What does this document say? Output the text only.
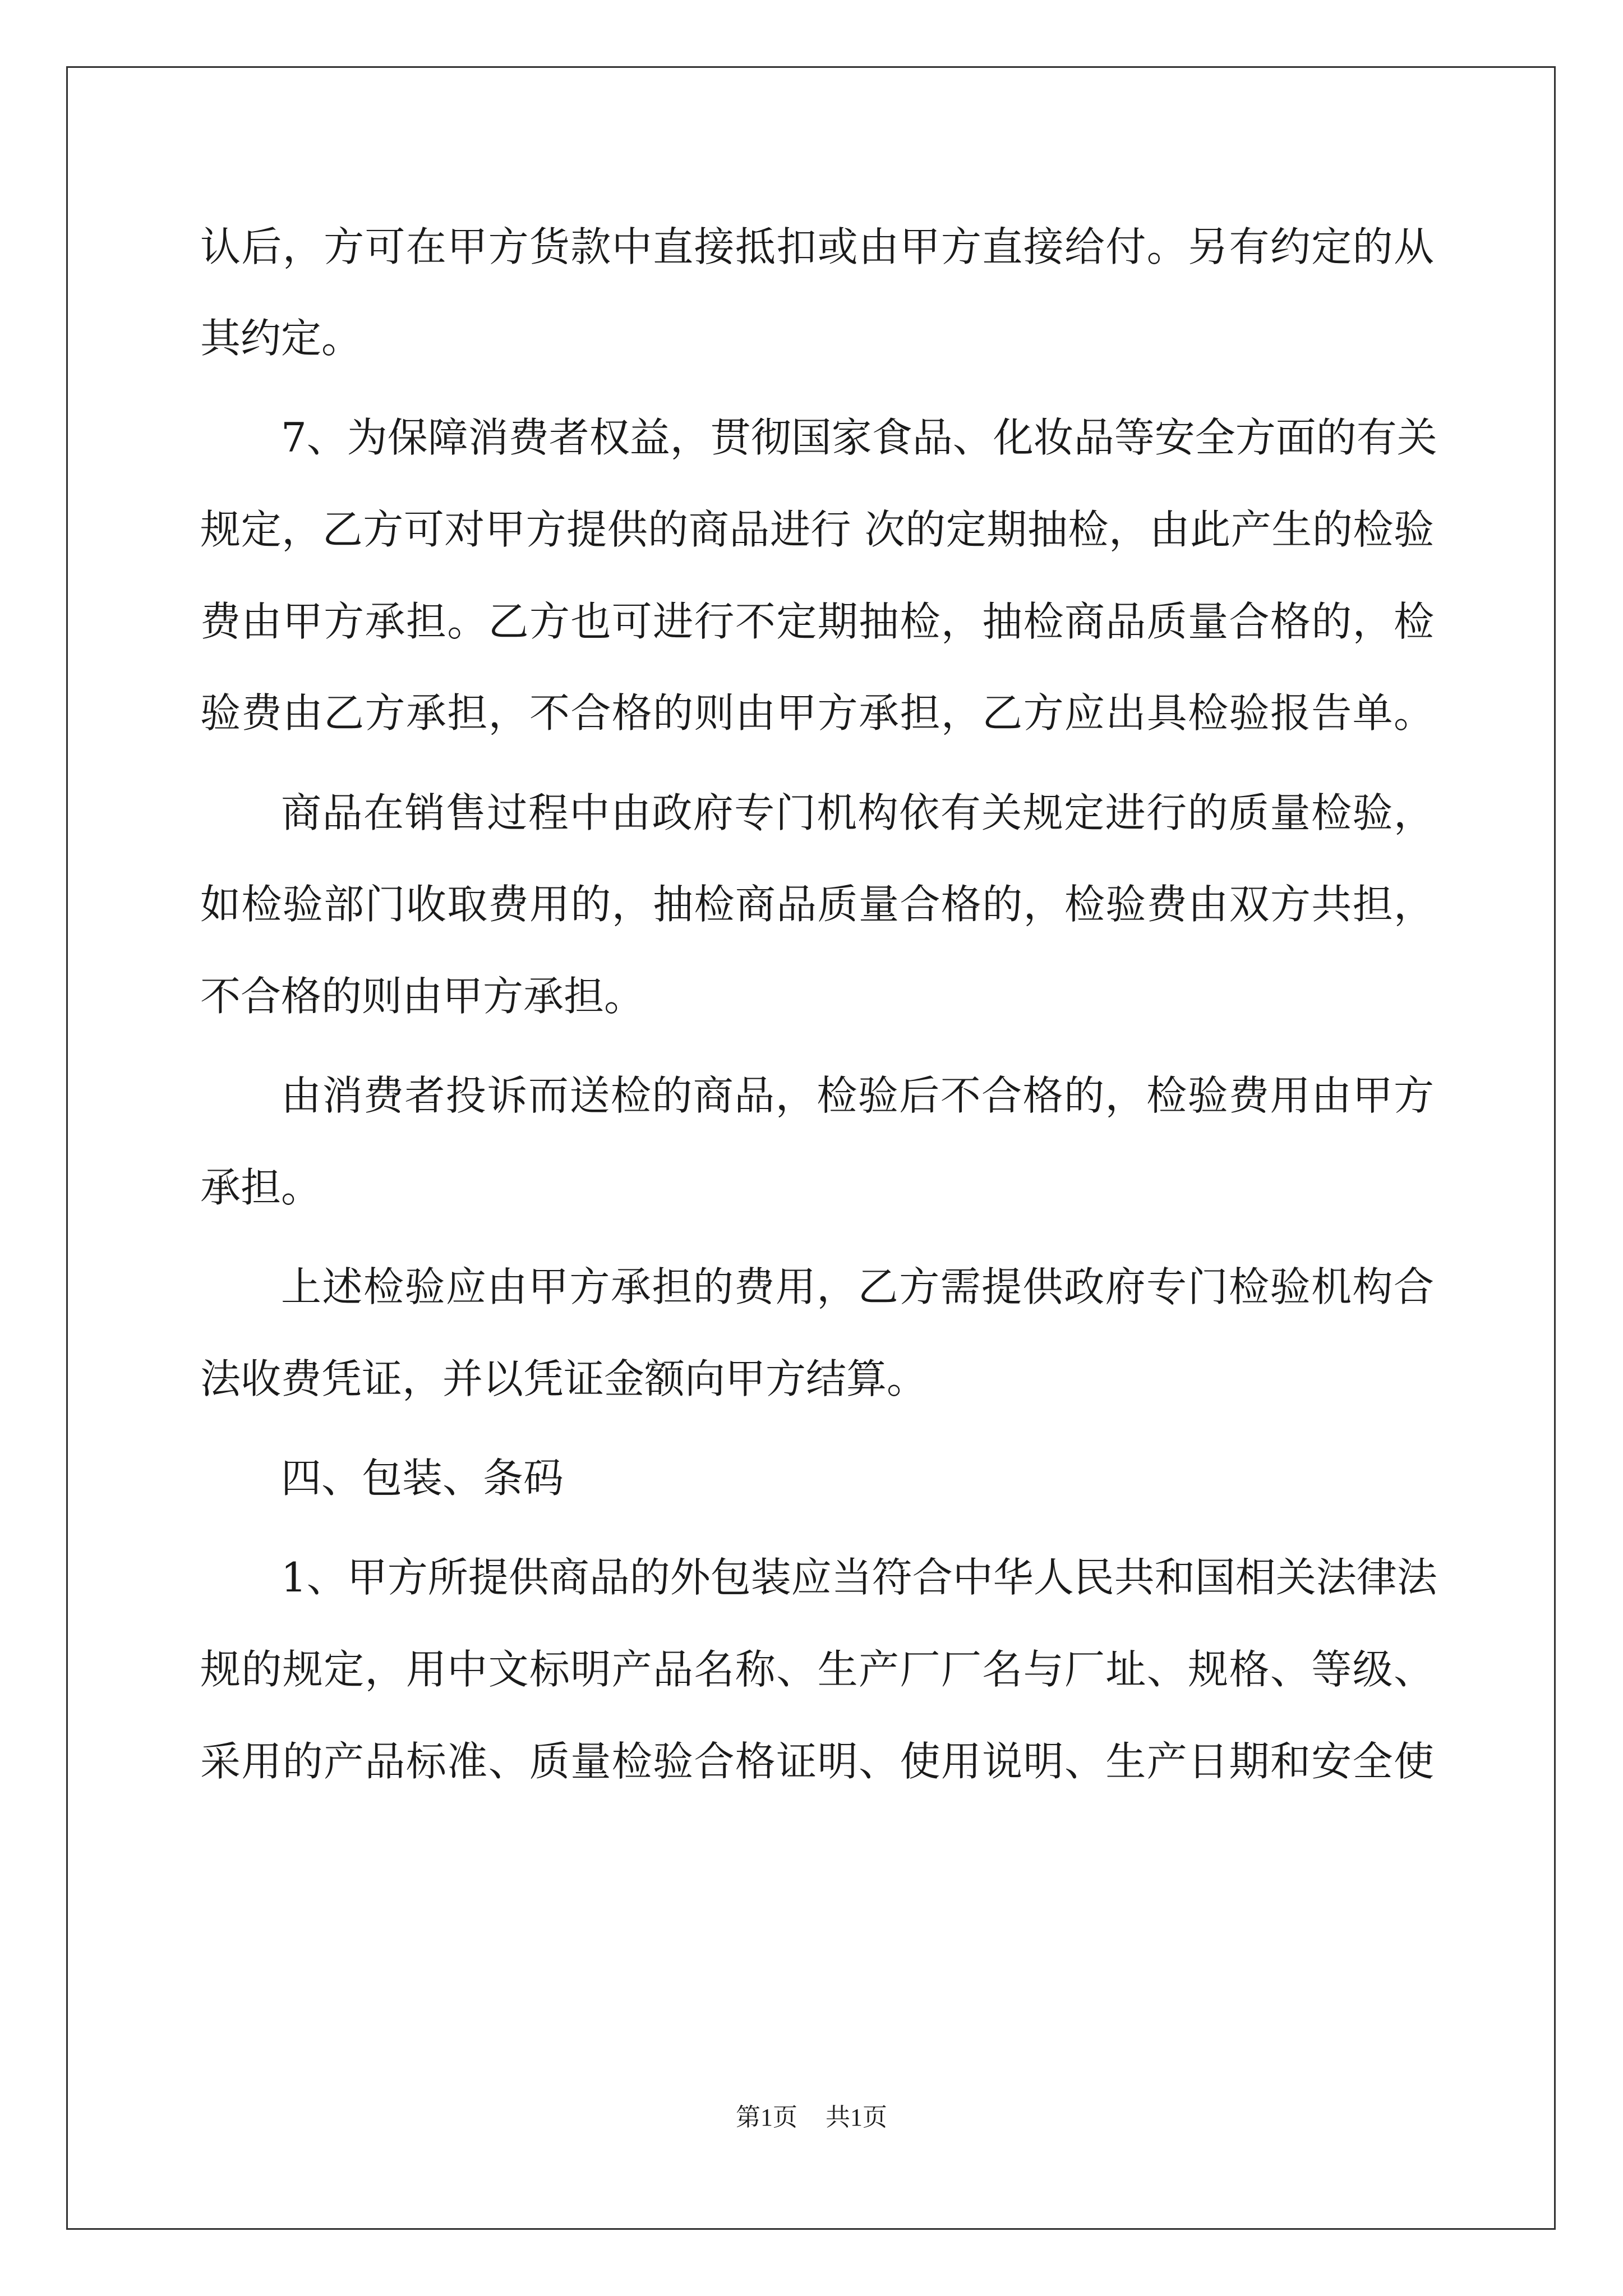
认后，方可在甲方货款中直接抵扣或由甲方直接给付。另有约定的从
其约定。
7、为保障消费者权益，贯彻国家食品、化妆品等安全方面的有关
规定，乙方可对甲方提供的商品进行 次的定期抽检，由此产生的检验
费由甲方承担。乙方也可进行不定期抽检，抽检商品质量合格的，检
验费由乙方承担，不合格的则由甲方承担，乙方应出具检验报告单。
商品在销售过程中由政府专门机构依有关规定进行的质量检验，
如检验部门收取费用的，抽检商品质量合格的，检验费由双方共担，
不合格的则由甲方承担。
由消费者投诉而送检的商品，检验后不合格的，检验费用由甲方
承担。
上述检验应由甲方承担的费用，乙方需提供政府专门检验机构合
法收费凭证，并以凭证金额向甲方结算。
四、包装、条码
1、甲方所提供商品的外包装应当符合中华人民共和国相关法律法
规的规定，用中文标明产品名称、生产厂厂名与厂址、规格、等级、
采用的产品标准、质量检验合格证明、使用说明、生产日期和安全使
第1页 共1页
